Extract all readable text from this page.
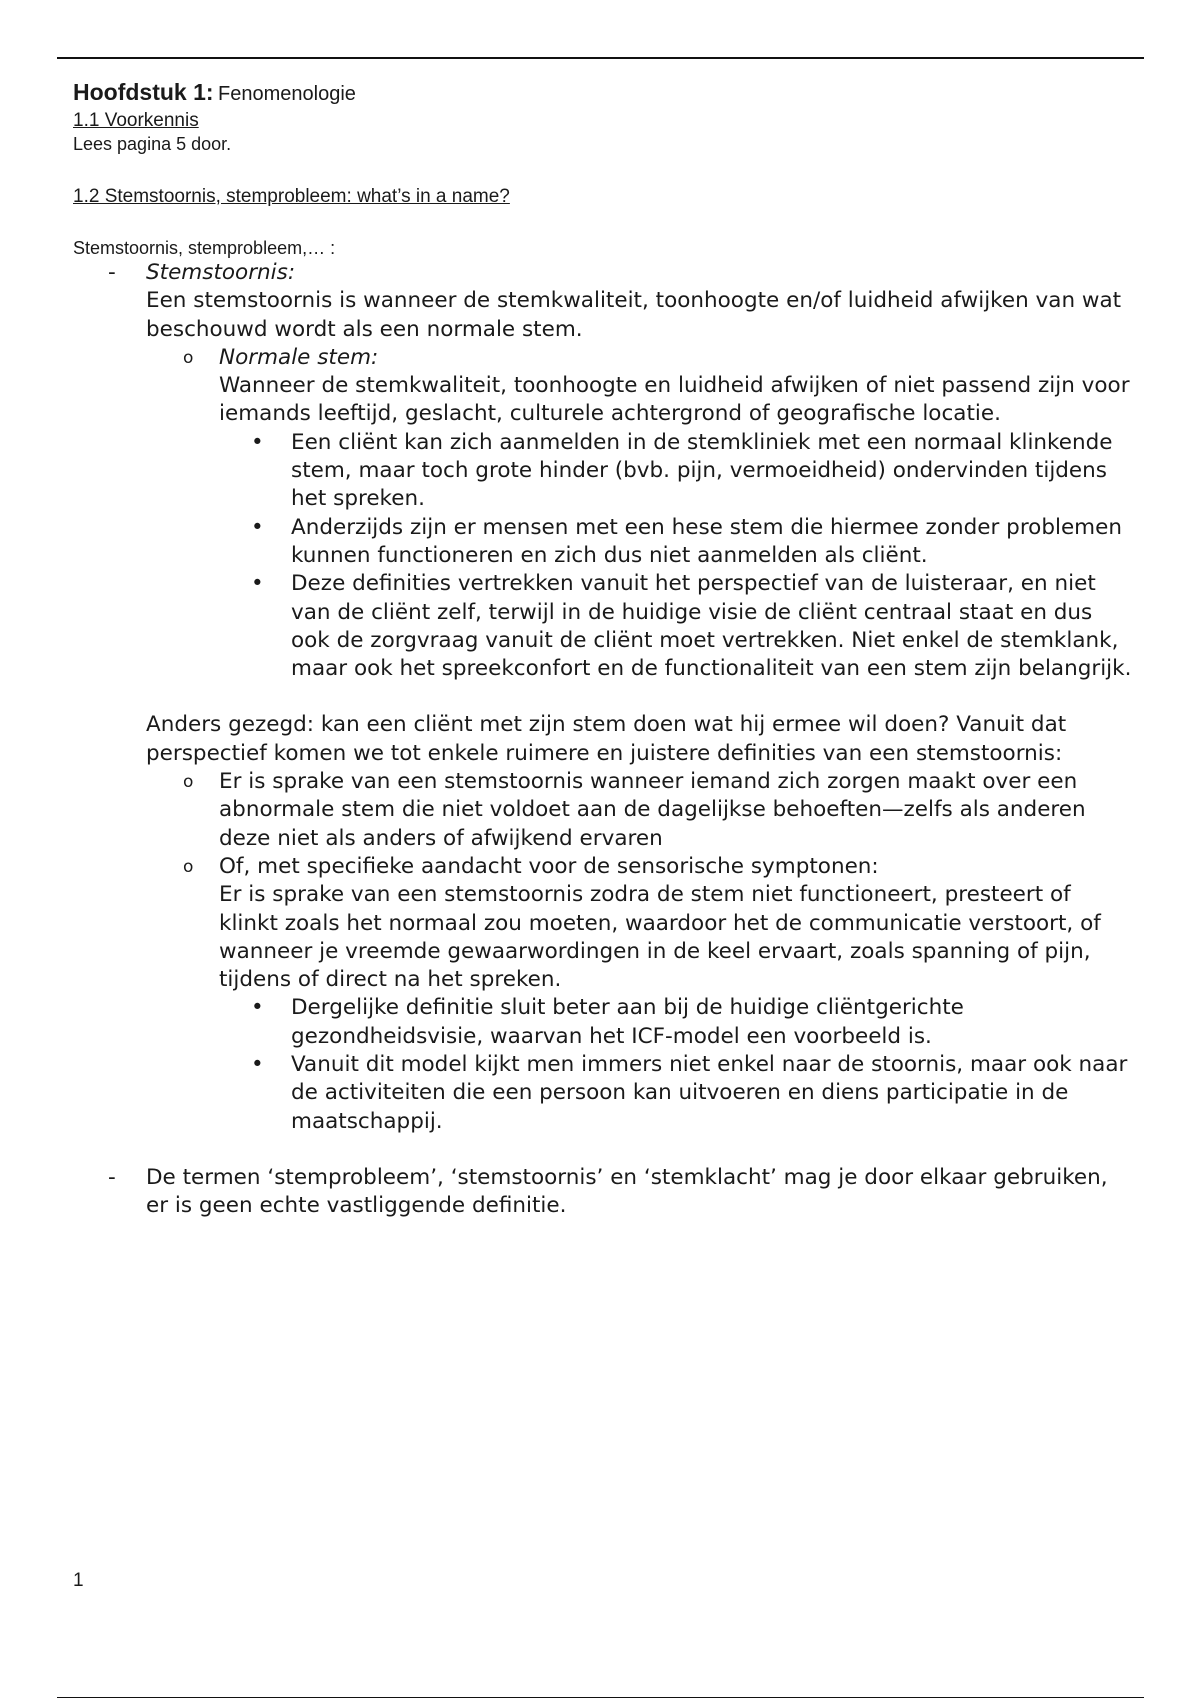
Hoofdstuk 1: Fenomenologie

1.1 Voorkennis

Lees pagina 5 door.

1.2 Stemstoornis, stemprobleem: what’s in a name?

Stemstoornis, stemprobleem,… :

- Stemstoornis:
Een stemstoornis is wanneer de stemkwaliteit, toonhoogte en/of luidheid afwijken van wat beschouwd wordt als een normale stem.
o Normale stem:
Wanneer de stemkwaliteit, toonhoogte en luidheid afwijken of niet passend zijn voor iemands leeftijd, geslacht, culturele achtergrond of geografische locatie.
• Een cliënt kan zich aanmelden in de stemkliniek met een normaal klinkende stem, maar toch grote hinder (bvb. pijn, vermoeidheid) ondervinden tijdens het spreken.
• Anderzijds zijn er mensen met een hese stem die hiermee zonder problemen kunnen functioneren en zich dus niet aanmelden als cliënt.
• Deze definities vertrekken vanuit het perspectief van de luisteraar, en niet van de cliënt zelf, terwijl in de huidige visie de cliënt centraal staat en dus ook de zorgvraag vanuit de cliënt moet vertrekken. Niet enkel de stemklank, maar ook het spreekconfort en de functionaliteit van een stem zijn belangrijk.
Anders gezegd: kan een cliënt met zijn stem doen wat hij ermee wil doen? Vanuit dat perspectief komen we tot enkele ruimere en juistere definities van een stemstoornis:
o Er is sprake van een stemstoornis wanneer iemand zich zorgen maakt over een abnormale stem die niet voldoet aan de dagelijkse behoeften—zelfs als anderen deze niet als anders of afwijkend ervaren
o Of, met specifieke aandacht voor de sensorische symptonen:
Er is sprake van een stemstoornis zodra de stem niet functioneert, presteert of klinkt zoals het normaal zou moeten, waardoor het de communicatie verstoort, of wanneer je vreemde gewaarwordingen in de keel ervaart, zoals spanning of pijn, tijdens of direct na het spreken.
• Dergelijke definitie sluit beter aan bij de huidige cliëntgerichte gezondheidsvisie, waarvan het ICF-model een voorbeeld is.
• Vanuit dit model kijkt men immers niet enkel naar de stoornis, maar ook naar de activiteiten die een persoon kan uitvoeren en diens participatie in de maatschappij.
- De termen ‘stemprobleem’, ‘stemstoornis’ en ‘stemklacht’ mag je door elkaar gebruiken, er is geen echte vastliggende definitie.
1
